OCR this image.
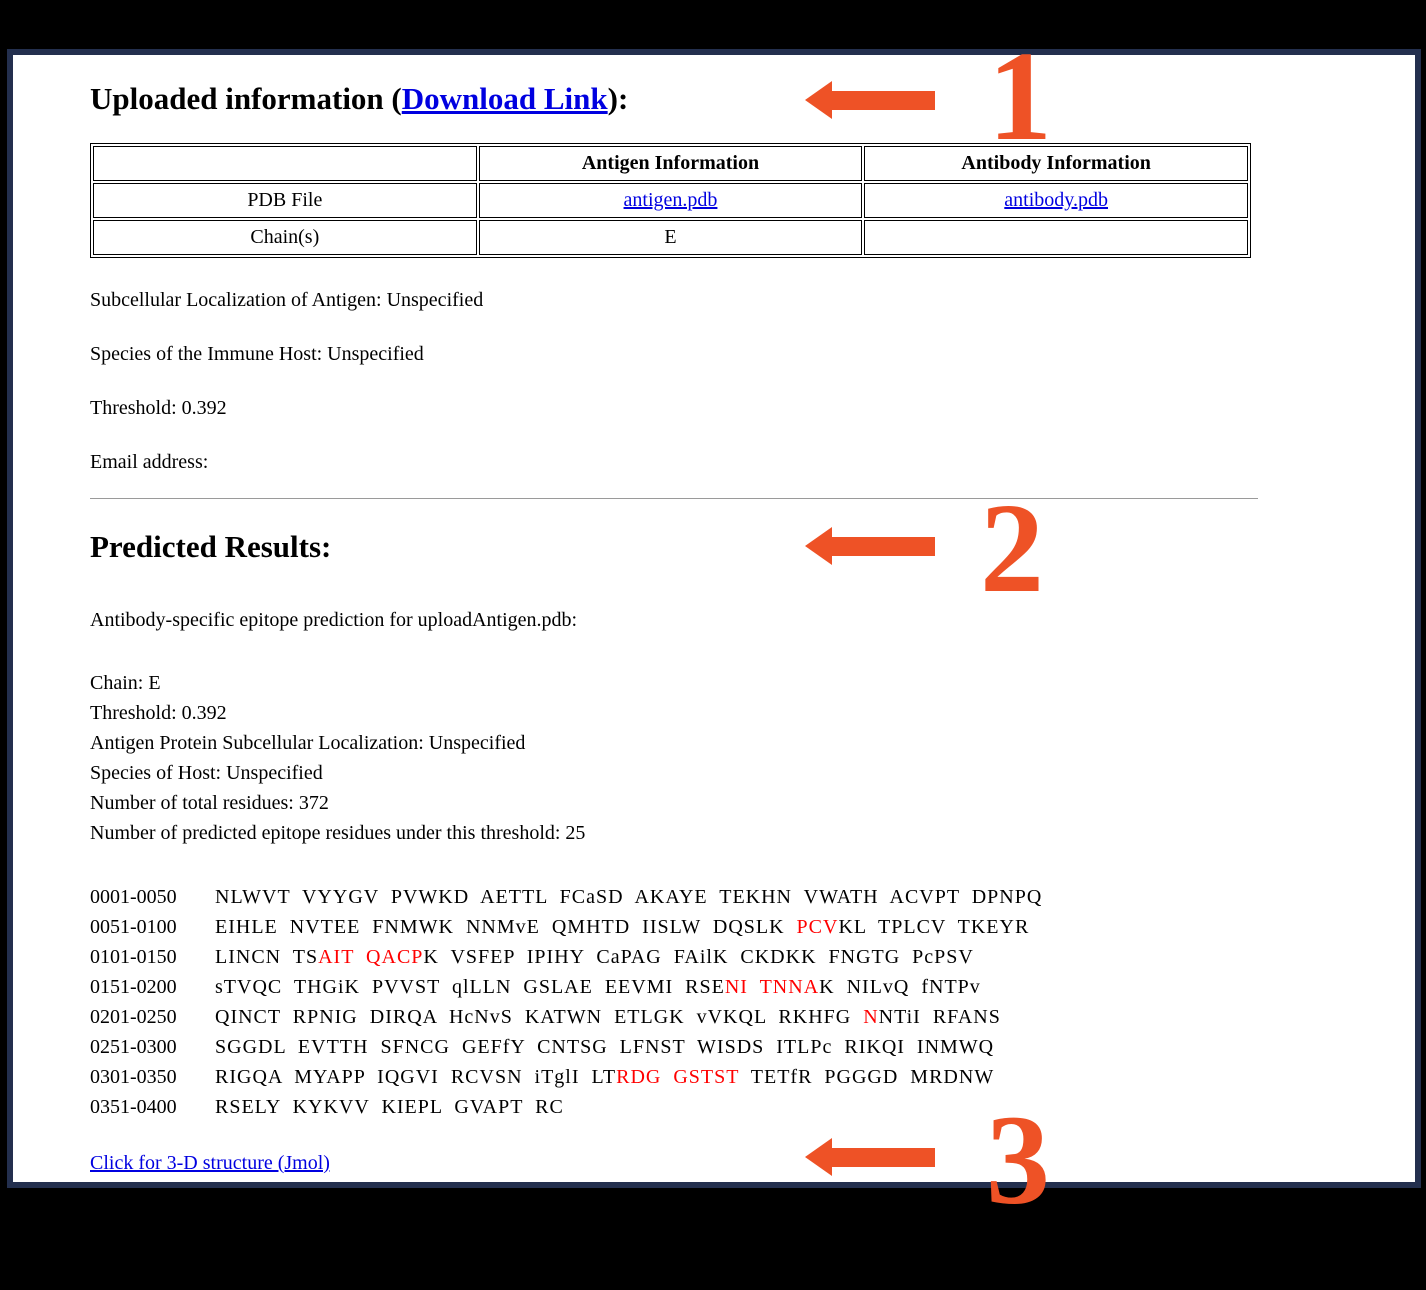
Uploaded information (Download Link):
	Antigen Information	Antibody Information
PDB File	antigen.pdb	antibody.pdb
Chain(s)	E	

Subcellular Localization of Antigen: Unspecified

Species of the Immune Host: Unspecified

Threshold: 0.392

Email address:

Predicted Results:

Antibody-specific epitope prediction for uploadAntigen.pdb:

Chain: E
Threshold: 0.392
Antigen Protein Subcellular Localization: Unspecified
Species of Host: Unspecified
Number of total residues: 372
Number of predicted epitope residues under this threshold: 25
0001-0050 NLWVT VYYGV PVWKD AETTL FCaSD AKAYE TEKHN VWATH ACVPT DPNPQ
0051-0100 EIHLE NVTEE FNMWK NNMvE QMHTD IISLW DQSLK PCVKL TPLCV TKEYR
0101-0150 LINCN TSAIT QACPK VSFEP IPIHY CaPAG FAilK CKDKK FNGTG PcPSV
0151-0200 sTVQC THGiK PVVST qlLLN GSLAE EEVMI RSENI TNNAK NILvQ fNTPv
0201-0250 QINCT RPNIG DIRQA HcNvS KATWN ETLGK vVKQL RKHFG NNTiI RFANS
0251-0300 SGGDL EVTTH SFNCG GEFfY CNTSG LFNST WISDS ITLPc RIKQI INMWQ
0301-0350 RIGQA MYAPP IQGVI RCVSN iTglI LTRDG GSTST TETfR PGGGD MRDNW
0351-0400 RSELY KYKVV KIEPL GVAPT RC

Click for 3-D structure (Jmol)

1
2
3
